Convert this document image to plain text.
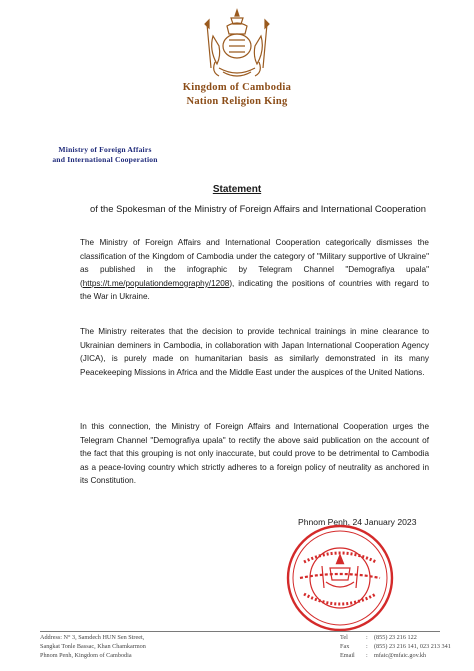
Kingdom of Cambodia
Nation Religion King
Ministry of Foreign Affairs
and International Cooperation
Statement
of the Spokesman of the Ministry of Foreign Affairs and International Cooperation

The Ministry of Foreign Affairs and International Cooperation categorically dismisses the classification of the Kingdom of Cambodia under the category of "Military supportive of Ukraine" as published in the infographic by Telegram Channel "Demografiya upala" (https://t.me/populationdemography/1208), indicating the positions of countries with regard to the War in Ukraine.

The Ministry reiterates that the decision to provide technical trainings in mine clearance to Ukrainian deminers in Cambodia, in collaboration with Japan International Cooperation Agency (JICA), is purely made on humanitarian basis as similarly demonstrated in its many Peacekeeping Missions in Africa and the Middle East under the auspices of the United Nations.

In this connection, the Ministry of Foreign Affairs and International Cooperation urges the Telegram Channel "Demografiya upala" to rectify the above said publication on the account of the fact that this grouping is not only inaccurate, but could prove to be detrimental to Cambodia as a peace-loving country which strictly adheres to a foreign policy of neutrality as anchored in its Constitution.

Phnom Penh, 24 January 2023
Address: N° 3, Samdech HUN Sen Street,
Sangkat Tonle Bassac, Khan Chamkarmon
Phnom Penh, Kingdom of Cambodia
Tel	: (855) 23 216 122
Fax	: (855) 23 216 141, 023 213 341
Email : mfaic@mfaic.gov.kh
